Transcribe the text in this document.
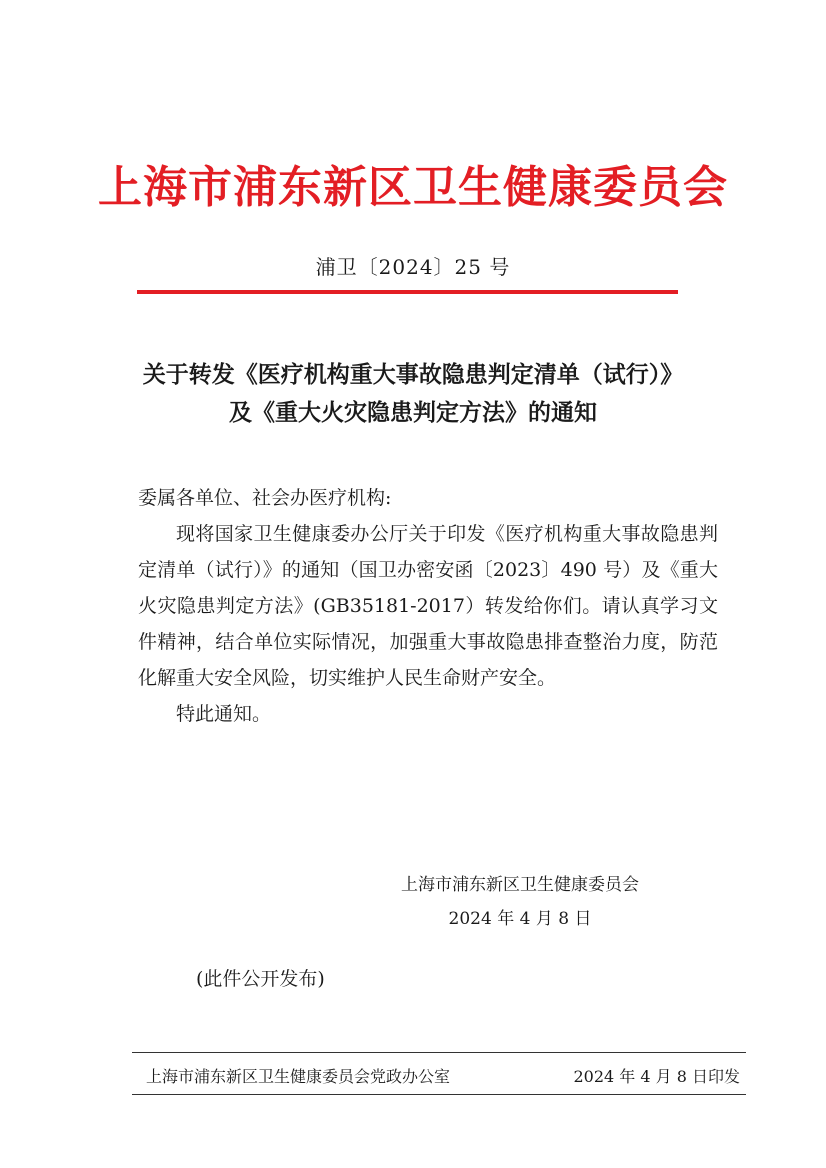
上海市浦东新区卫生健康委员会
浦卫〔2024〕25 号
关于转发《医疗机构重大事故隐患判定清单（试行）》
及《重大火灾隐患判定方法》的通知

委属各单位、社会办医疗机构:

现将国家卫生健康委办公厅关于印发《医疗机构重大事故隐患判定清单（试行）》的通知（国卫办密安函〔2023〕490 号）及《重大火灾隐患判定方法》(GB35181-2017）转发给你们。请认真学习文件精神，结合单位实际情况，加强重大事故隐患排查整治力度，防范化解重大安全风险，切实维护人民生命财产安全。

特此通知。

上海市浦东新区卫生健康委员会
2024 年 4 月 8 日
(此件公开发布)
上海市浦东新区卫生健康委员会党政办公室	2024 年 4 月 8 日印发
